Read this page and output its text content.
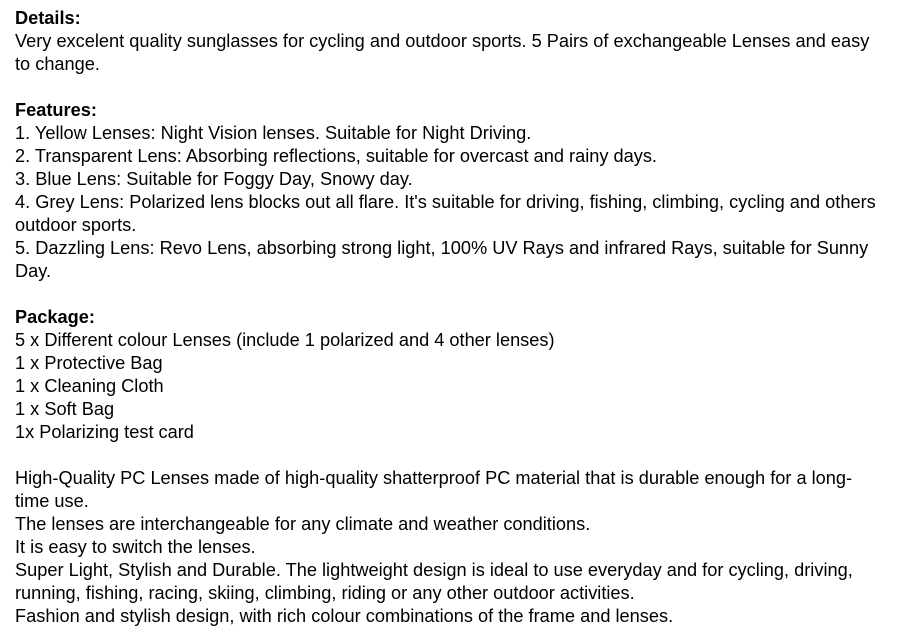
Details:

Very excelent quality sunglasses for cycling and outdoor sports. 5 Pairs of exchangeable Lenses and easy to change.

Features:

1. Yellow Lenses: Night Vision lenses. Suitable for Night Driving.

2. Transparent Lens: Absorbing reflections, suitable for overcast and rainy days.

3. Blue Lens: Suitable for Foggy Day, Snowy day.

4. Grey Lens: Polarized lens blocks out all flare. It's suitable for driving, fishing, climbing, cycling and others outdoor sports.

5. Dazzling Lens: Revo Lens, absorbing strong light, 100% UV Rays and infrared Rays, suitable for Sunny Day.

Package:

5 x Different colour Lenses (include 1 polarized and 4 other lenses)

1 x Protective Bag

1 x Cleaning Cloth

1 x Soft Bag

1x Polarizing test card

High-Quality PC Lenses made of high-quality shatterproof PC material that is durable enough for a long-time use.

The lenses are interchangeable for any climate and weather conditions.

It is easy to switch the lenses.

Super Light, Stylish and Durable. The lightweight design is ideal to use everyday and for cycling, driving, running, fishing, racing, skiing, climbing, riding or any other outdoor activities.

Fashion and stylish design, with rich colour combinations of the frame and lenses.
